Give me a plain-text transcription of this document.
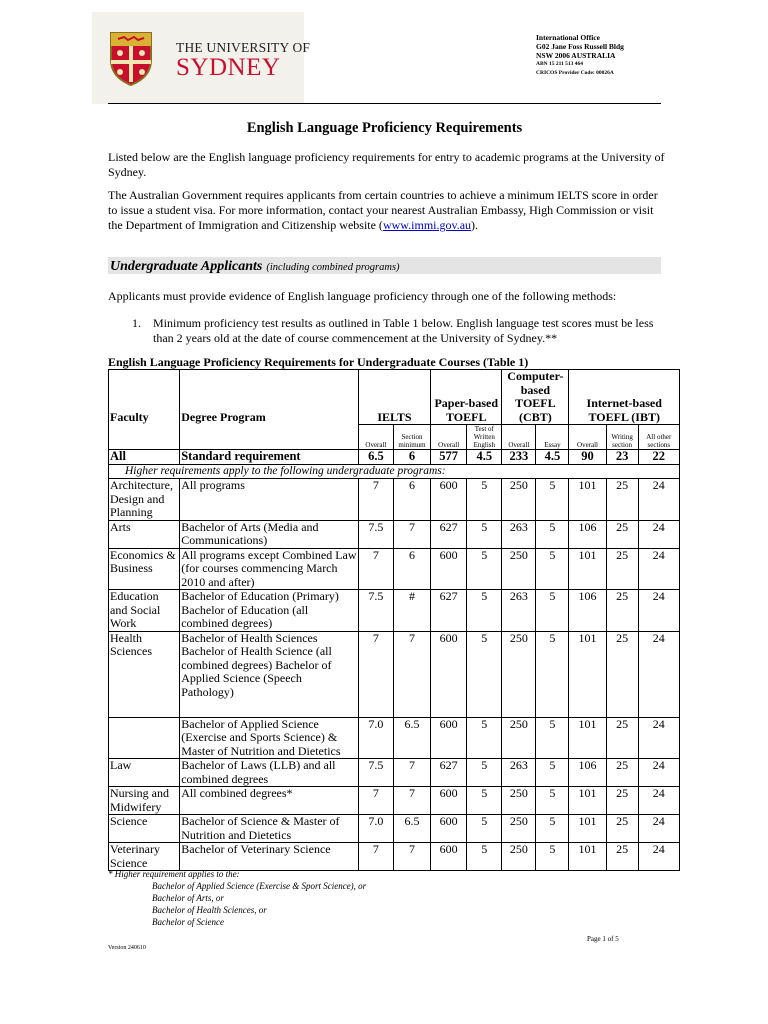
THE UNIVERSITY OF
SYDNEY
International Office
G02 Jane Foss Russell Bldg
NSW 2006 AUSTRALIA
ABN 15 211 513 464
CRICOS Provider Code: 00026A
English Language Proficiency Requirements
Listed below are the English language proficiency requirements for entry to academic programs at the University of Sydney.
The Australian Government requires applicants from certain countries to achieve a minimum IELTS score in order to issue a student visa. For more information, contact your nearest Australian Embassy, High Commission or visit the Department of Immigration and Citizenship website (www.immi.gov.au).
Undergraduate Applicants (including combined programs)
Applicants must provide evidence of English language proficiency through one of the following methods:
1. Minimum proficiency test results as outlined in Table 1 below. English language test scores must be less than 2 years old at the date of course commencement at the University of Sydney.**
English Language Proficiency Requirements for Undergraduate Courses (Table 1)
Faculty	Degree Program	IELTS		Paper-based TOEFL		Computer-based TOEFL (CBT)		Internet-based TOEFL (IBT)		
		Overall	Section minimum	Overall	Test of Written English	Overall	Essay	Overall	Writing section	All other sections
All	Standard requirement	6.5	6	577	4.5	233	4.5	90	23	22
Higher requirements apply to the following undergraduate programs:										
Architecture, Design and Planning	All programs	7	6	600	5	250	5	101	25	24
Arts	Bachelor of Arts (Media and Communications)	7.5	7	627	5	263	5	106	25	24
Economics & Business	All programs except Combined Law (for courses commencing March 2010 and after)	7	6	600	5	250	5	101	25	24
Education and Social Work	Bachelor of Education (Primary) Bachelor of Education (all combined degrees)	7.5	#	627	5	263	5	106	25	24
Health Sciences	Bachelor of Health Sciences Bachelor of Health Science (all combined degrees) Bachelor of Applied Science (Speech Pathology)	7	7	600	5	250	5	101	25	24
	Bachelor of Applied Science (Exercise and Sports Science) & Master of Nutrition and Dietetics	7.0	6.5	600	5	250	5	101	25	24
Law	Bachelor of Laws (LLB) and all combined degrees	7.5	7	627	5	263	5	106	25	24
Nursing and Midwifery	All combined degrees*	7	7	600	5	250	5	101	25	24
Science	Bachelor of Science & Master of Nutrition and Dietetics	7.0	6.5	600	5	250	5	101	25	24
Veterinary Science	Bachelor of Veterinary Science	7	7	600	5	250	5	101	25	24
* Higher requirement applies to the:
Bachelor of Applied Science (Exercise & Sport Science), or
Bachelor of Arts, or
Bachelor of Health Sciences, or
Bachelor of Science
Page 1 of 5
Version 240610
